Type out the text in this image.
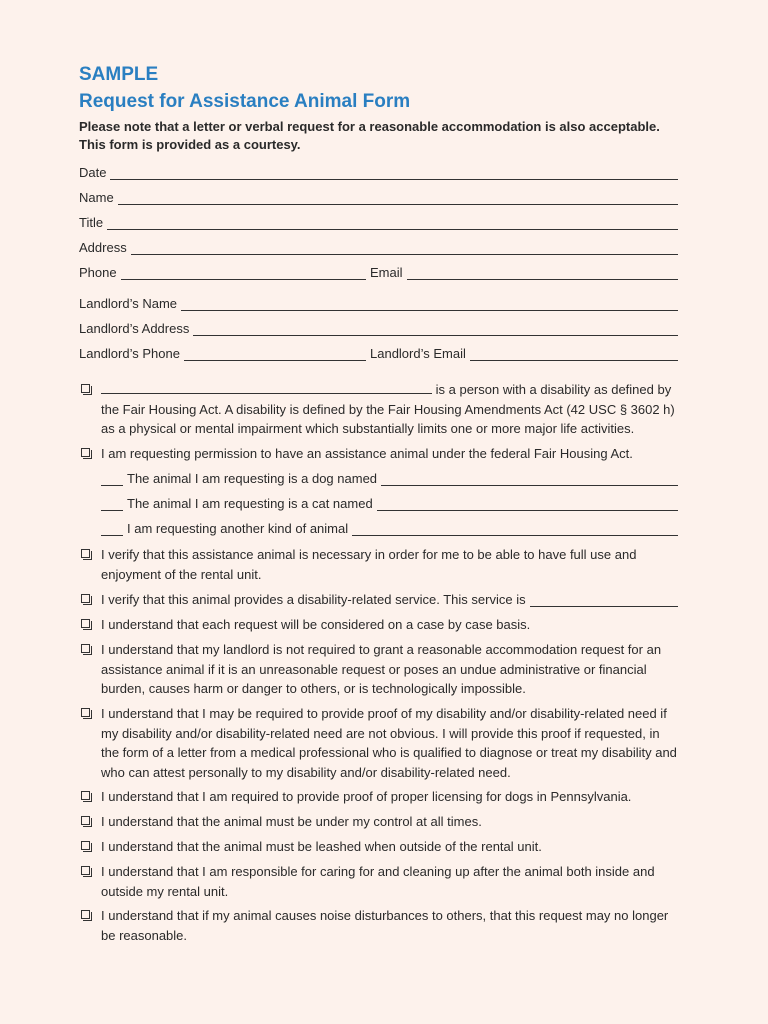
SAMPLE
Request for Assistance Animal Form
Please note that a letter or verbal request for a reasonable accommodation is also acceptable. This form is provided as a courtesy.
Date
Name
Title
Address
Phone	Email
Landlord’s Name
Landlord’s Address
Landlord’s Phone	Landlord’s Email
is a person with a disability as defined by the Fair Housing Act. A disability is defined by the Fair Housing Amendments Act (42 USC § 3602 h) as a physical or mental impairment which substantially limits one or more major life activities.
I am requesting permission to have an assistance animal under the federal Fair Housing Act.
The animal I am requesting is a dog named
The animal I am requesting is a cat named
I am requesting another kind of animal
I verify that this assistance animal is necessary in order for me to be able to have full use and enjoyment of the rental unit.
I verify that this animal provides a disability-related service. This service is
I understand that each request will be considered on a case by case basis.
I understand that my landlord is not required to grant a reasonable accommodation request for an assistance animal if it is an unreasonable request or poses an undue administrative or financial burden, causes harm or danger to others, or is technologically impossible.
I understand that I may be required to provide proof of my disability and/or disability-related need if my disability and/or disability-related need are not obvious. I will provide this proof if requested, in the form of a letter from a medical professional who is qualified to diagnose or treat my disability and who can attest personally to my disability and/or disability-related need.
I understand that I am required to provide proof of proper licensing for dogs in Pennsylvania.
I understand that the animal must be under my control at all times.
I understand that the animal must be leashed when outside of the rental unit.
I understand that I am responsible for caring for and cleaning up after the animal both inside and outside my rental unit.
I understand that if my animal causes noise disturbances to others, that this request may no longer be reasonable.
